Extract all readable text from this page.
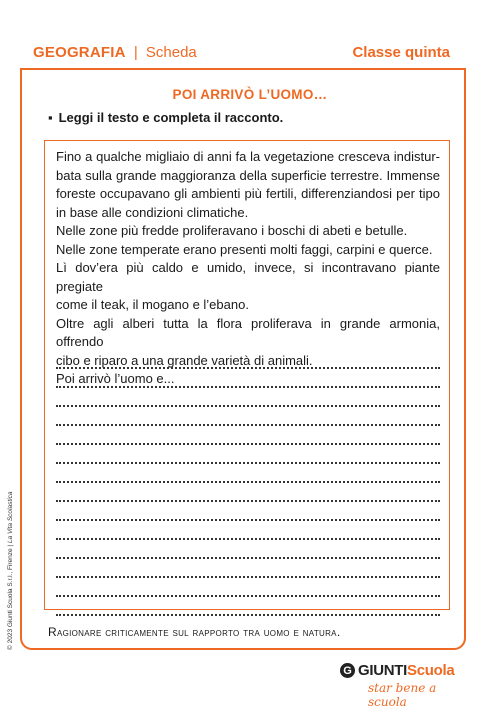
GEOGRAFIA | Scheda	Classe quinta
POI ARRIVÒ L’UOMO…
▪ Leggi il testo e completa il racconto.

Fino a qualche migliaio di anni fa la vegetazione cresceva indistur-

bata sulla grande maggioranza della superficie terrestre. Immense

foreste occupavano gli ambienti più fertili, differenziandosi per tipo

in base alle condizioni climatiche.

Nelle zone più fredde proliferavano i boschi di abeti e betulle.

Nelle zone temperate erano presenti molti faggi, carpini e querce.

Lì dov’era più caldo e umido, invece, si incontravano piante pregiate

come il teak, il mogano e l’ebano.

Oltre agli alberi tutta la flora proliferava in grande armonia, offrendo

cibo e riparo a una grande varietà di animali.

Poi arrivò l’uomo e...

Ragionare criticamente sul rapporto tra uomo e natura.
© 2023 Giunti Scuola S.r.l., Firenze | La Vita Scolastica
G GIUNTI Scuola
star bene a scuola
